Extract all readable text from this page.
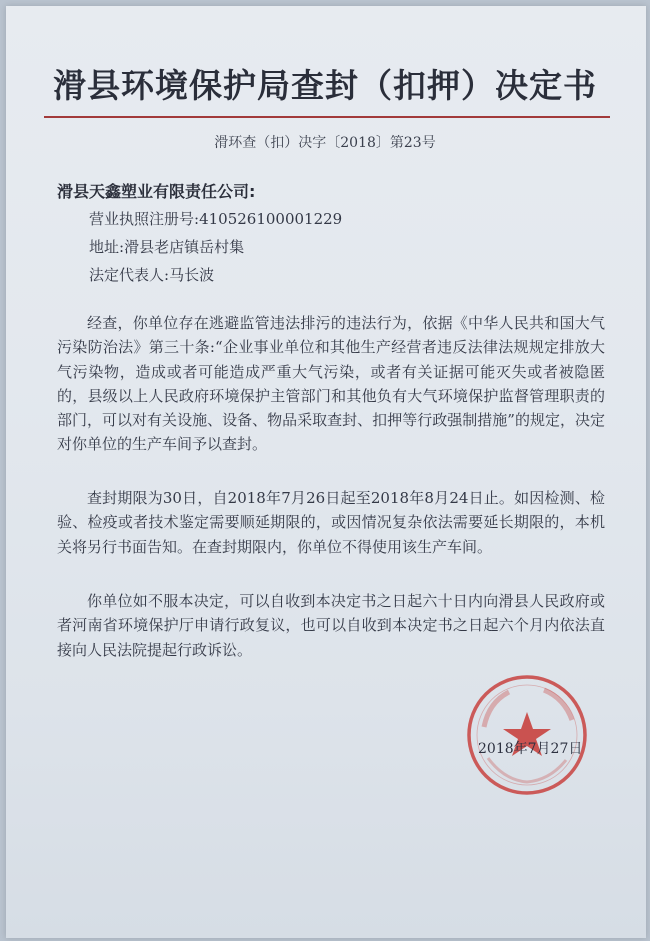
滑县环境保护局查封（扣押）决定书
滑环查（扣）决字〔2018〕第23号
滑县天鑫塑业有限责任公司:
营业执照注册号:410526100001229
地址:滑县老店镇岳村集
法定代表人:马长波
经查，你单位存在逃避监管违法排污的违法行为，依据《中华人民共和国大气污染防治法》第三十条:“企业事业单位和其他生产经营者违反法律法规规定排放大气污染物，造成或者可能造成严重大气污染，或者有关证据可能灭失或者被隐匿的，县级以上人民政府环境保护主管部门和其他负有大气环境保护监督管理职责的部门，可以对有关设施、设备、物品采取查封、扣押等行政强制措施”的规定，决定对你单位的生产车间予以查封。
查封期限为30日，自2018年7月26日起至2018年8月24日止。如因检测、检验、检疫或者技术鉴定需要顺延期限的，或因情况复杂依法需要延长期限的，本机关将另行书面告知。在查封期限内，你单位不得使用该生产车间。
你单位如不服本决定，可以自收到本决定书之日起六十日内向滑县人民政府或者河南省环境保护厅申请行政复议，也可以自收到本决定书之日起六个月内依法直接向人民法院提起行政诉讼。
2018年7月27日
